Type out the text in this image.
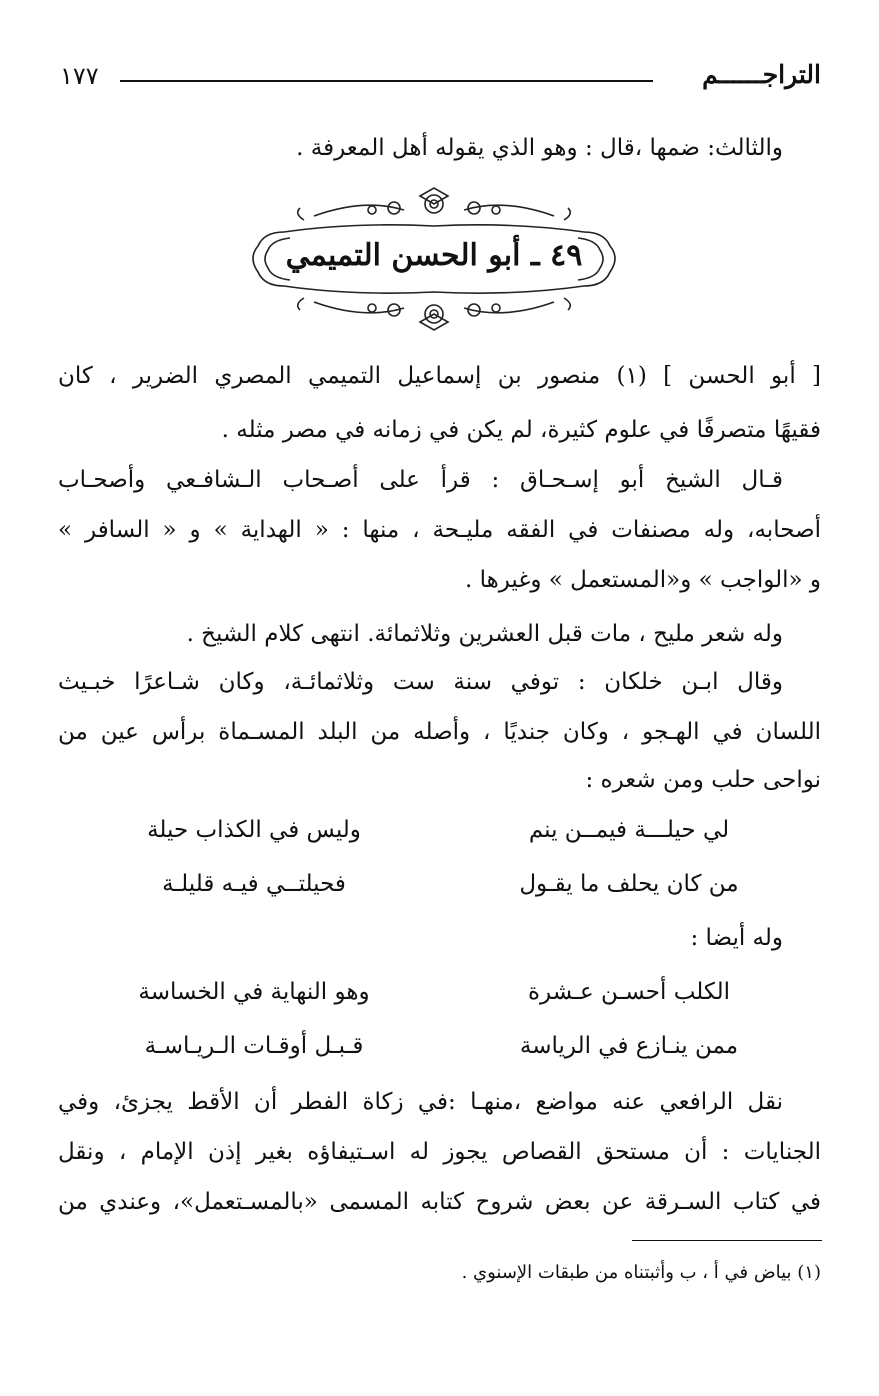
التراجــــــم
١٧٧
والثالث: ضمها ،قال : وهو الذي يقوله أهل المعرفة .
٤٩ ـ أبو الحسن التميمي
[ أبو الحسن ] (١) منصور بن إسماعيل التميمي المصري الضرير ، كان
فقيهًا متصرفًا في علوم كثيرة، لم يكن في زمانه في مصر مثله .
قـال الشيخ أبو إسـحـاق : قرأ على أصـحاب الـشافـعي وأصحـاب
أصحابه، وله مصنفات في الفقه مليـحة ، منها : « الهداية » و « السافر »
و «الواجب » و«المستعمل » وغيرها .
وله شعر مليح ، مات قبل العشرين وثلاثمائة. انتهى كلام الشيخ .
وقال ابـن خلكان : توفي سنة ست وثلاثمائـة، وكان شـاعرًا خبـيث
اللسان في الهـجو ، وكان جنديًا ، وأصله من البلد المسـماة برأس عين من
نواحى حلب ومن شعره :
لي حيلـــة فيمــن ينم
وليس في الكذاب حيلة
من كان يحلف ما يقـول
فحيلتــي فيـه قليلـة
وله أيضا :
الكلب أحسـن عـشرة
وهو النهاية في الخساسة
ممن ينـازع في الرياسة
قـبـل أوقـات الـريـاسـة
نقل الرافعي عنه مواضع ،منهـا :في زكاة الفطر أن الأقط يجزئ، وفي
الجنايات : أن مستحق القصاص يجوز له اسـتيفاؤه بغير إذن الإمام ، ونقل
في كتاب السـرقة عن بعض شروح كتابه المسمى «بالمسـتعمل»، وعندي من
(١) بياض في أ ، ب وأثبتناه من طبقات الإسنوي .
